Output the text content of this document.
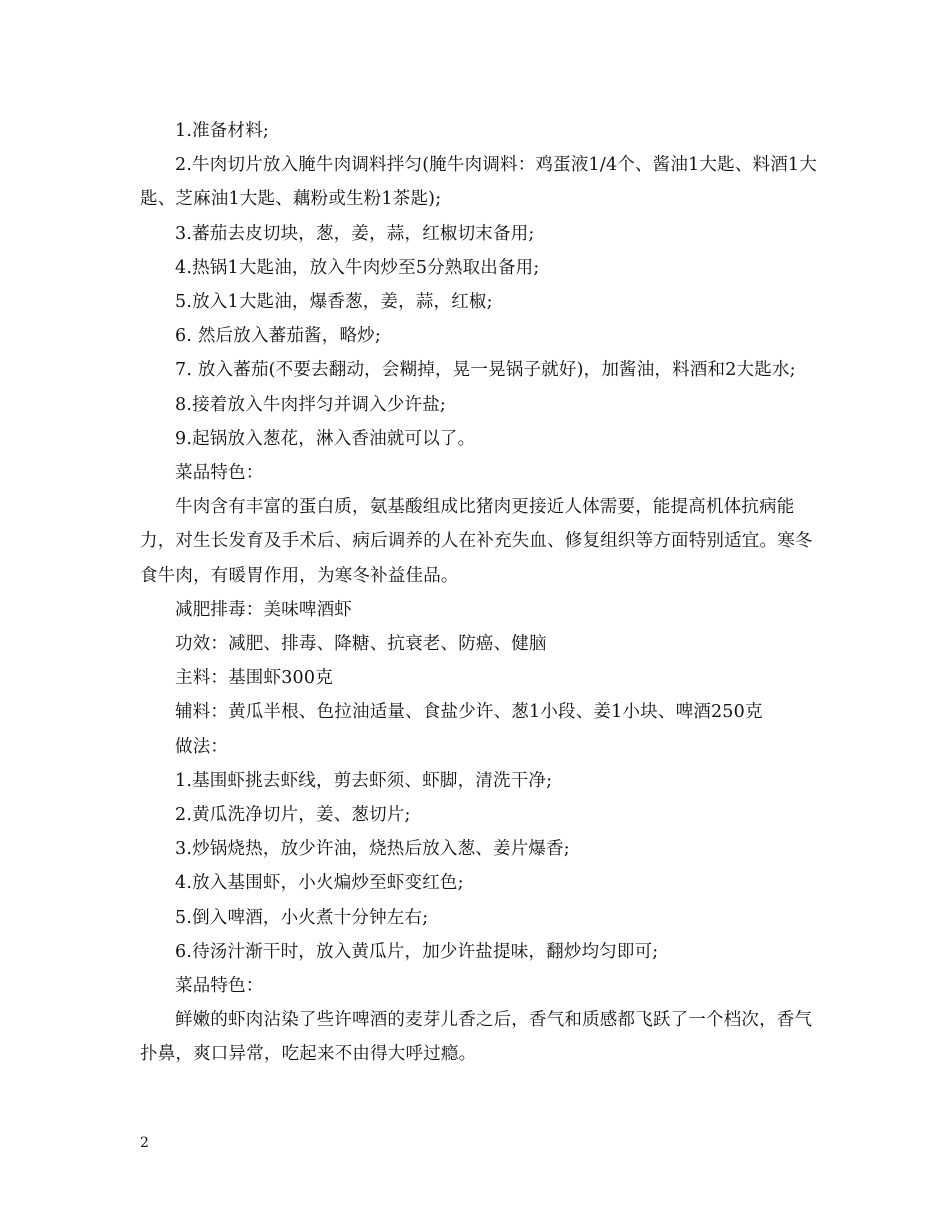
1.准备材料;

2.牛肉切片放入腌牛肉调料拌匀(腌牛肉调料：鸡蛋液1/4个、酱油1大匙、料酒1大匙、芝麻油1大匙、藕粉或生粉1茶匙);

3.蕃茄去皮切块，葱，姜，蒜，红椒切末备用;

4.热锅1大匙油，放入牛肉炒至5分熟取出备用;

5.放入1大匙油，爆香葱，姜，蒜，红椒;

6. 然后放入蕃茄酱，略炒;

7. 放入蕃茄(不要去翻动，会糊掉，晃一晃锅子就好)，加酱油，料酒和2大匙水;

8.接着放入牛肉拌匀并调入少许盐;

9.起锅放入葱花，淋入香油就可以了。

菜品特色：

牛肉含有丰富的蛋白质，氨基酸组成比猪肉更接近人体需要，能提高机体抗病能力，对生长发育及手术后、病后调养的人在补充失血、修复组织等方面特别适宜。寒冬食牛肉，有暖胃作用，为寒冬补益佳品。

减肥排毒：美味啤酒虾

功效：减肥、排毒、降糖、抗衰老、防癌、健脑

主料：基围虾300克

辅料：黄瓜半根、色拉油适量、食盐少许、葱1小段、姜1小块、啤酒250克

做法：

1.基围虾挑去虾线，剪去虾须、虾脚，清洗干净;

2.黄瓜洗净切片，姜、葱切片;

3.炒锅烧热，放少许油，烧热后放入葱、姜片爆香;

4.放入基围虾，小火煸炒至虾变红色;

5.倒入啤酒，小火煮十分钟左右;

6.待汤汁渐干时，放入黄瓜片，加少许盐提味，翻炒均匀即可;

菜品特色：

鲜嫩的虾肉沾染了些许啤酒的麦芽儿香之后，香气和质感都飞跃了一个档次，香气扑鼻，爽口异常，吃起来不由得大呼过瘾。

2
